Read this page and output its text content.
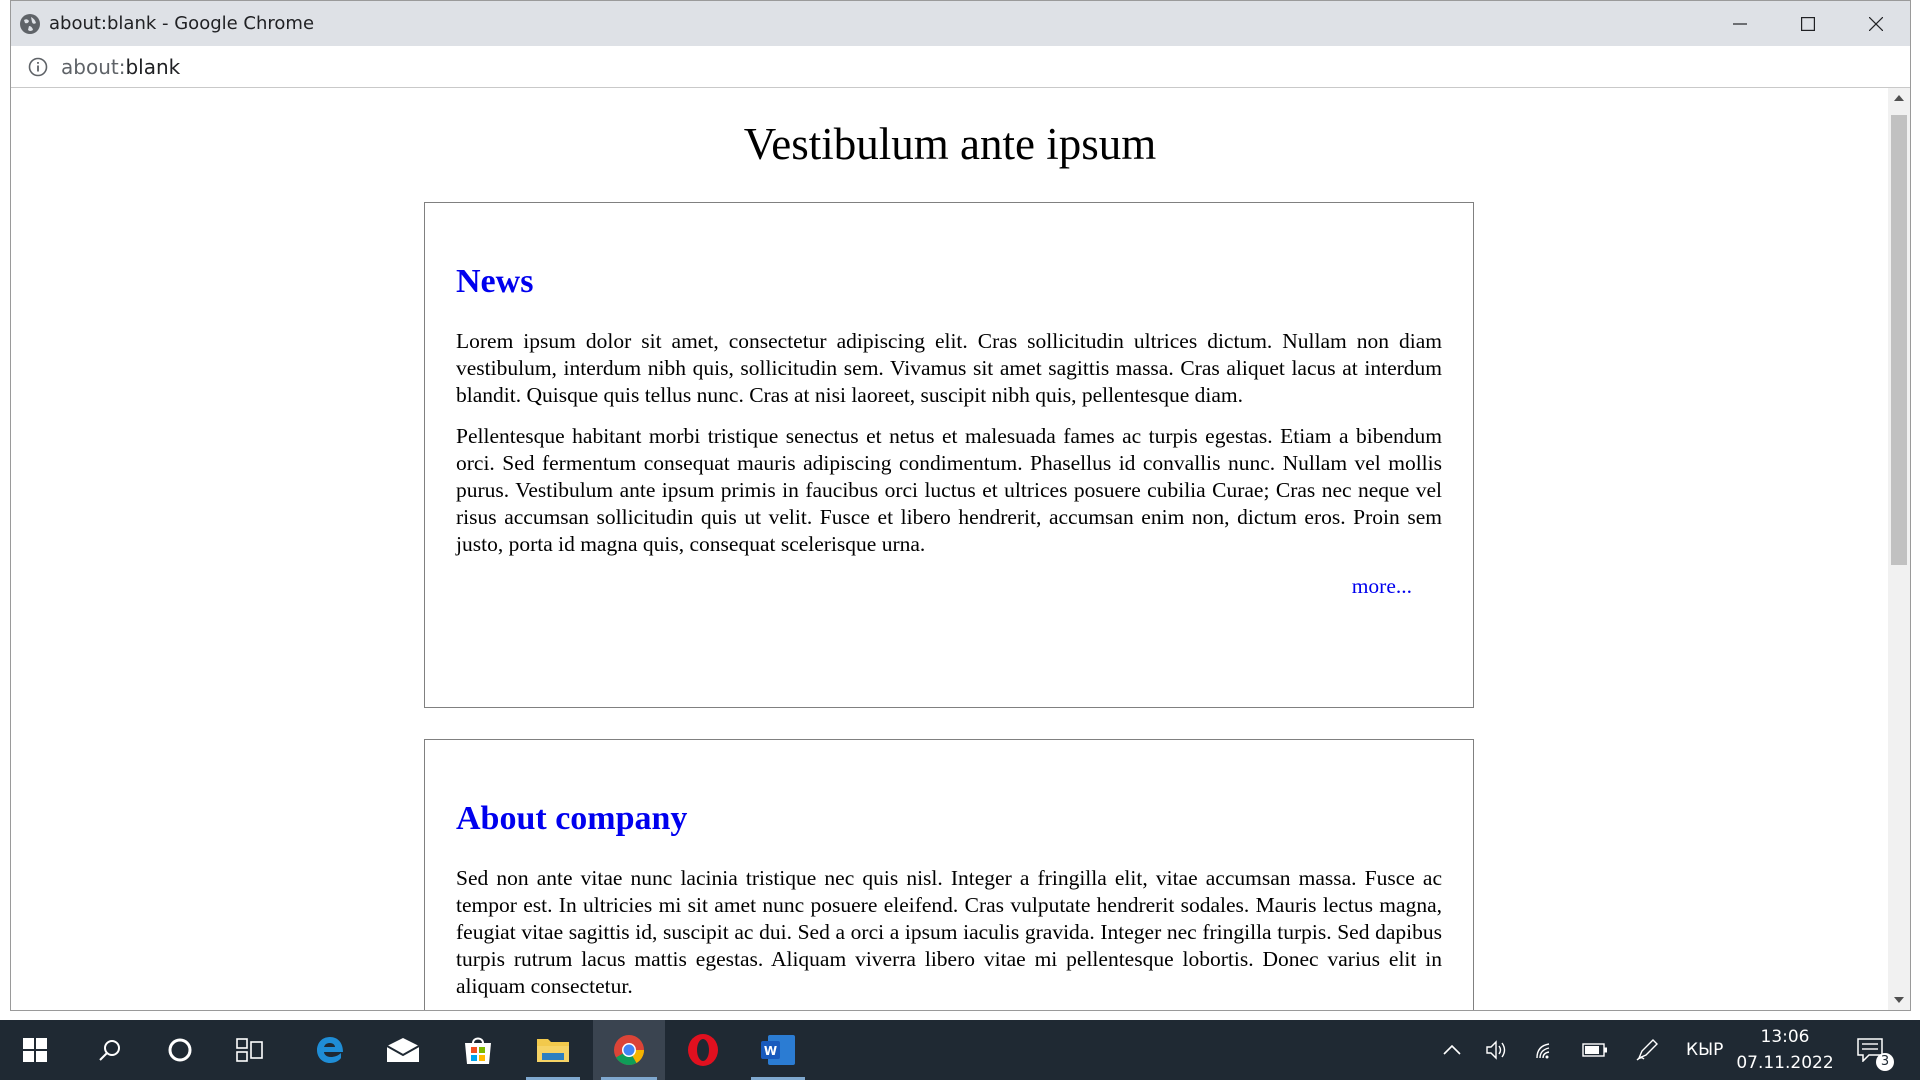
about:blank - Google Chrome
about:blank
Vestibulum ante ipsum
News

Lorem ipsum dolor sit amet, consectetur adipiscing elit. Cras sollicitudin ultrices dictum. Nullam non diam vestibulum, interdum nibh quis, sollicitudin sem. Vivamus sit amet sagittis massa. Cras aliquet lacus at interdum blandit. Quisque quis tellus nunc. Cras at nisi laoreet, suscipit nibh quis, pellentesque diam.

Pellentesque habitant morbi tristique senectus et netus et malesuada fames ac turpis egestas. Etiam a bibendum orci. Sed fermentum consequat mauris adipiscing condimentum. Phasellus id convallis nunc. Nullam vel mollis purus. Vestibulum ante ipsum primis in faucibus orci luctus et ultrices posuere cubilia Curae; Cras nec neque vel risus accumsan sollicitudin quis ut velit. Fusce et libero hendrerit, accumsan enim non, dictum eros. Proin sem justo, porta id magna quis, consequat scelerisque urna.

more...
About company

Sed non ante vitae nunc lacinia tristique nec quis nisl. Integer a fringilla elit, vitae accumsan massa. Fusce ac tempor est. In ultricies mi sit amet nunc posuere eleifend. Cras vulputate hendrerit sodales. Mauris lectus magna, feugiat vitae sagittis id, suscipit ac dui. Sed a orci a ipsum iaculis gravida. Integer nec fringilla turpis. Sed dapibus turpis rutrum lacus mattis egestas. Aliquam viverra libero vitae mi pellentesque lobortis. Donec varius elit in aliquam consectetur.

W	КЫР
13:06
07.11.2022	3
